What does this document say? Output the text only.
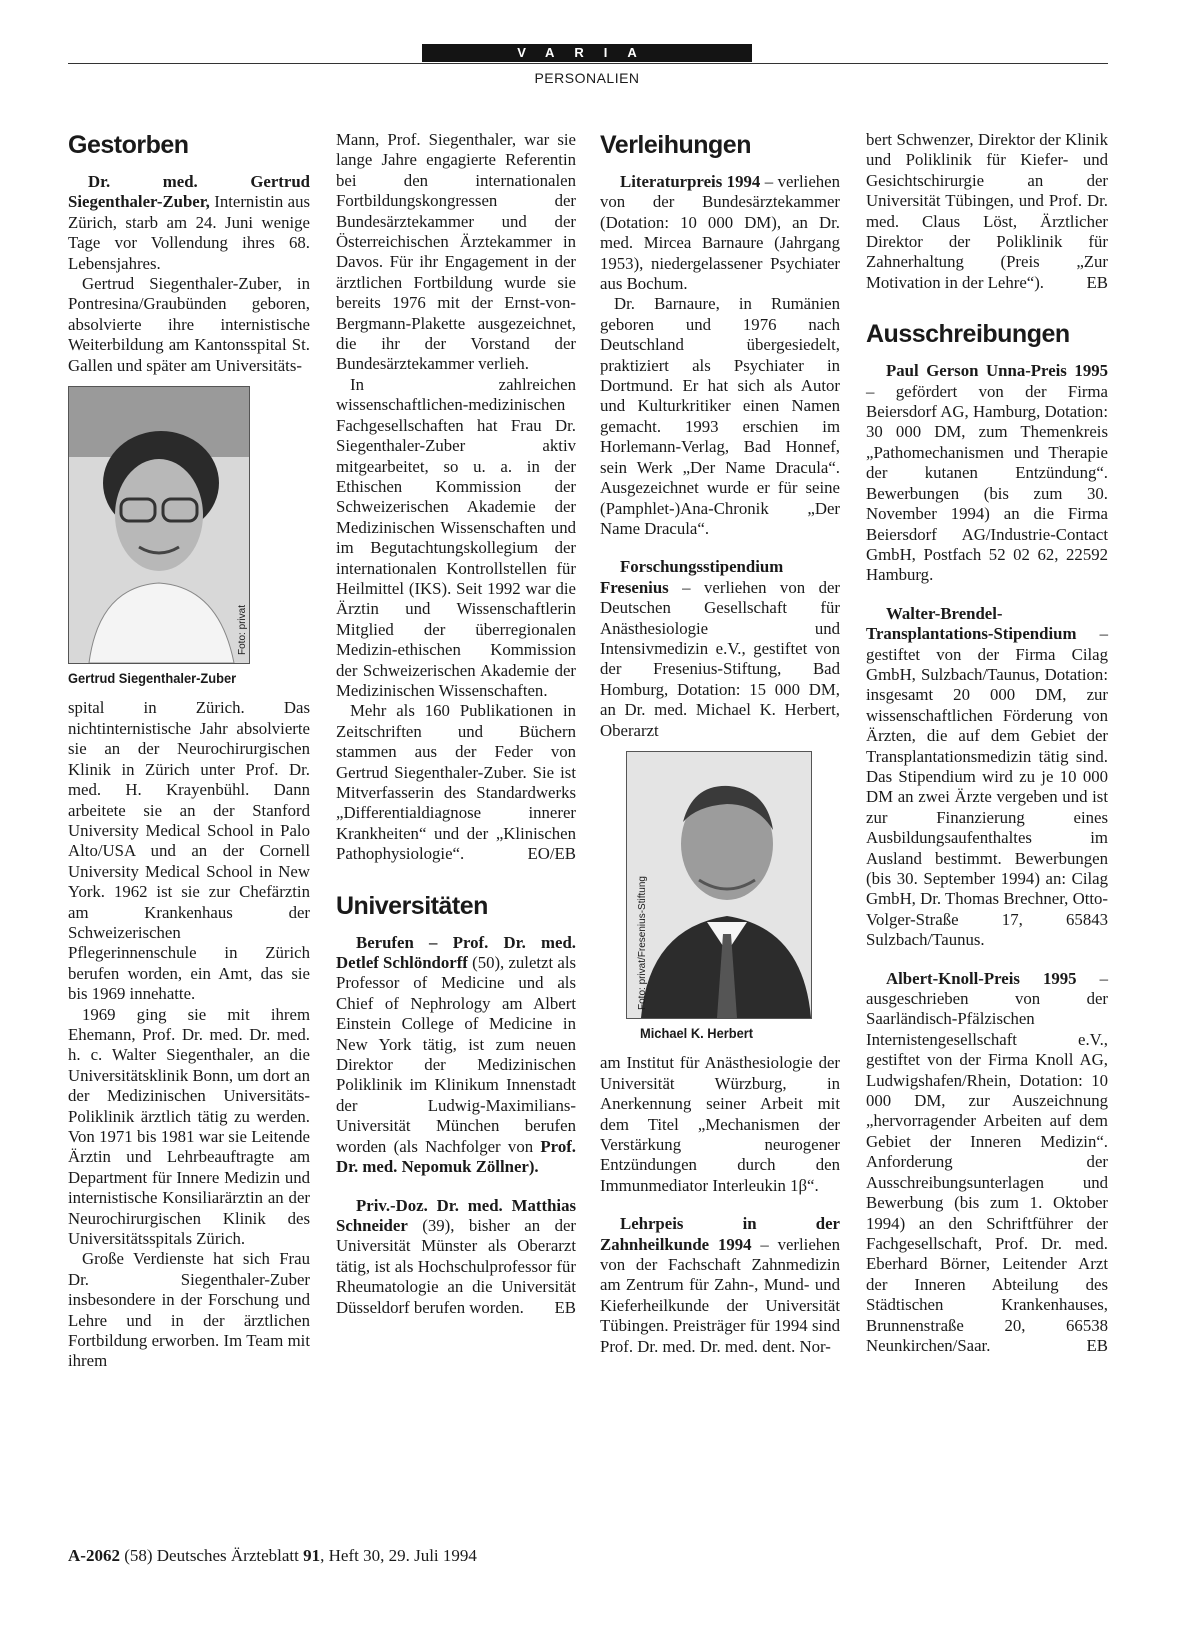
VARIA
PERSONALIEN
Gestorben

Dr. med. Gertrud Siegenthaler-Zuber, Internistin aus Zürich, starb am 24. Juni wenige Tage vor Vollendung ihres 68. Lebensjahres.

Gertrud Siegenthaler-Zuber, in Pontresina/Graubünden geboren, absolvierte ihre internistische Weiterbildung am Kantonsspital St. Gallen und später am Universitäts-

Foto: privat
Gertrud Siegenthaler-Zuber

spital in Zürich. Das nichtinternistische Jahr absolvierte sie an der Neurochirurgischen Klinik in Zürich unter Prof. Dr. med. H. Krayenbühl. Dann arbeitete sie an der Stanford University Medical School in Palo Alto/USA und an der Cornell University Medical School in New York. 1962 ist sie zur Chefärztin am Krankenhaus der Schweizerischen Pflegerinnenschule in Zürich berufen worden, ein Amt, das sie bis 1969 innehatte.

1969 ging sie mit ihrem Ehemann, Prof. Dr. med. Dr. med. h. c. Walter Siegenthaler, an die Universitätsklinik Bonn, um dort an der Medizinischen Universitäts-Poliklinik ärztlich tätig zu werden. Von 1971 bis 1981 war sie Leitende Ärztin und Lehrbeauftragte am Department für Innere Medizin und internistische Konsiliarärztin an der Neurochirurgischen Klinik des Universitätsspitals Zürich.

Große Verdienste hat sich Frau Dr. Siegenthaler-Zuber insbesondere in der Forschung und Lehre und in der ärztlichen Fortbildung erworben. Im Team mit ihrem

Mann, Prof. Siegenthaler, war sie lange Jahre engagierte Referentin bei den internationalen Fortbildungskongressen der Bundesärztekammer und der Österreichischen Ärztekammer in Davos. Für ihr Engagement in der ärztlichen Fortbildung wurde sie bereits 1976 mit der Ernst-von-Bergmann-Plakette ausgezeichnet, die ihr der Vorstand der Bundesärztekammer verlieh.

In zahlreichen wissenschaftlichen-medizinischen Fachgesellschaften hat Frau Dr. Siegenthaler-Zuber aktiv mitgearbeitet, so u. a. in der Ethischen Kommission der Schweizerischen Akademie der Medizinischen Wissenschaften und im Begutachtungskollegium der internationalen Kontrollstellen für Heilmittel (IKS). Seit 1992 war die Ärztin und Wissenschaftlerin Mitglied der überregionalen Medizin-ethischen Kommission der Schweizerischen Akademie der Medizinischen Wissenschaften.

Mehr als 160 Publikationen in Zeitschriften und Büchern stammen aus der Feder von Gertrud Siegenthaler-Zuber. Sie ist Mitverfasserin des Standardwerks „Differentialdiagnose innerer Krankheiten“ und der „Klinischen Pathophysiologie“.	EO/EB

Universitäten

Berufen – Prof. Dr. med. Detlef Schlöndorff (50), zuletzt als Professor of Medicine und als Chief of Nephrology am Albert Einstein College of Medicine in New York tätig, ist zum neuen Direktor der Medizinischen Poliklinik im Klinikum Innenstadt der Ludwig-Maximilians-Universität München berufen worden (als Nachfolger von Prof. Dr. med. Nepomuk Zöllner).

Priv.-Doz. Dr. med. Matthias Schneider (39), bisher an der Universität Münster als Oberarzt tätig, ist als Hochschulprofessor für Rheumatologie an die Universität Düsseldorf berufen worden.	EB

Verleihungen

Literaturpreis 1994 – verliehen von der Bundesärztekammer (Dotation: 10 000 DM), an Dr. med. Mircea Barnaure (Jahrgang 1953), niedergelassener Psychiater aus Bochum.

Dr. Barnaure, in Rumänien geboren und 1976 nach Deutschland übergesiedelt, praktiziert als Psychiater in Dortmund. Er hat sich als Autor und Kulturkritiker einen Namen gemacht. 1993 erschien im Horlemann-Verlag, Bad Honnef, sein Werk „Der Name Dracula“. Ausgezeichnet wurde er für seine (Pamphlet-)Ana-Chronik „Der Name Dracula“.

Forschungsstipendium Fresenius – verliehen von der Deutschen Gesellschaft für Anästhesiologie und Intensivmedizin e.V., gestiftet von der Fresenius-Stiftung, Bad Homburg, Dotation: 15 000 DM, an Dr. med. Michael K. Herbert, Oberarzt

Foto: privat/Fresenius-Stiftung
Michael K. Herbert

am Institut für Anästhesiologie der Universität Würzburg, in Anerkennung seiner Arbeit mit dem Titel „Mechanismen der Verstärkung neurogener Entzündungen durch den Immunmediator Interleukin 1β“.

Lehrpeis in der Zahnheilkunde 1994 – verliehen von der Fachschaft Zahnmedizin am Zentrum für Zahn-, Mund- und Kieferheilkunde der Universität Tübingen. Preisträger für 1994 sind Prof. Dr. med. Dr. med. dent. Nor-

bert Schwenzer, Direktor der Klinik und Poliklinik für Kiefer- und Gesichtschirurgie an der Universität Tübingen, und Prof. Dr. med. Claus Löst, Ärztlicher Direktor der Poliklinik für Zahnerhaltung (Preis „Zur Motivation in der Lehre“).	EB

Ausschreibungen

Paul Gerson Unna-Preis 1995 – gefördert von der Firma Beiersdorf AG, Hamburg, Dotation: 30 000 DM, zum Themenkreis „Pathomechanismen und Therapie der kutanen Entzündung“. Bewerbungen (bis zum 30. November 1994) an die Firma Beiersdorf AG/Industrie-Contact GmbH, Postfach 52 02 62, 22592 Hamburg.

Walter-Brendel-Transplantations-Stipendium – gestiftet von der Firma Cilag GmbH, Sulzbach/Taunus, Dotation: insgesamt 20 000 DM, zur wissenschaftlichen Förderung von Ärzten, die auf dem Gebiet der Transplantationsmedizin tätig sind. Das Stipendium wird zu je 10 000 DM an zwei Ärzte vergeben und ist zur Finanzierung eines Ausbildungsaufenthaltes im Ausland bestimmt. Bewerbungen (bis 30. September 1994) an: Cilag GmbH, Dr. Thomas Brechner, Otto-Volger-Straße 17, 65843 Sulzbach/Taunus.

Albert-Knoll-Preis 1995 – ausgeschrieben von der Saarländisch-Pfälzischen Internistengesellschaft e.V., gestiftet von der Firma Knoll AG, Ludwigshafen/Rhein, Dotation: 10 000 DM, zur Auszeichnung „hervorragender Arbeiten auf dem Gebiet der Inneren Medizin“. Anforderung der Ausschreibungsunterlagen und Bewerbung (bis zum 1. Oktober 1994) an den Schriftführer der Fachgesellschaft, Prof. Dr. med. Eberhard Börner, Leitender Arzt der Inneren Abteilung des Städtischen Krankenhauses, Brunnenstraße 20, 66538 Neunkirchen/Saar.	EB

A-2062 (58) Deutsches Ärzteblatt 91, Heft 30, 29. Juli 1994
